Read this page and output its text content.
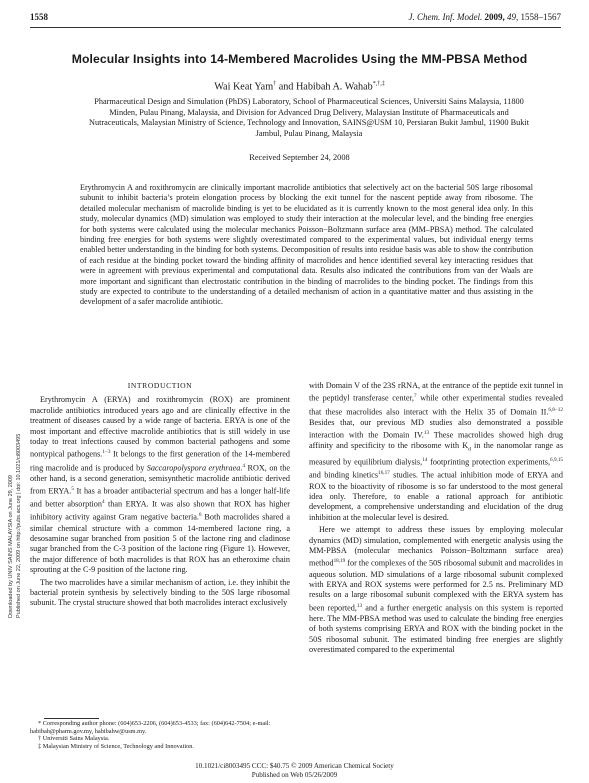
1558	J. Chem. Inf. Model. 2009, 49, 1558–1567
Molecular Insights into 14-Membered Macrolides Using the MM-PBSA Method
Wai Keat Yam† and Habibah A. Wahab*,†,‡
Pharmaceutical Design and Simulation (PhDS) Laboratory, School of Pharmaceutical Sciences, Universiti Sains Malaysia, 11800 Minden, Pulau Pinang, Malaysia, and Division for Advanced Drug Delivery, Malaysian Institute of Pharmaceuticals and Nutraceuticals, Malaysian Ministry of Science, Technology and Innovation, SAINS@USM 10, Persiaran Bukit Jambul, 11900 Bukit Jambul, Pulau Pinang, Malaysia
Received September 24, 2008
Erythromycin A and roxithromycin are clinically important macrolide antibiotics that selectively act on the bacterial 50S large ribosomal subunit to inhibit bacteria’s protein elongation process by blocking the exit tunnel for the nascent peptide away from ribosome. The detailed molecular mechanism of macrolide binding is yet to be elucidated as it is currently known to the most general idea only. In this study, molecular dynamics (MD) simulation was employed to study their interaction at the molecular level, and the binding free energies for both systems were calculated using the molecular mechanics Poisson−Boltzmann surface area (MM–PBSA) method. The calculated binding free energies for both systems were slightly overestimated compared to the experimental values, but individual energy terms enabled better understanding in the binding for both systems. Decomposition of results into residue basis was able to show the contribution of each residue at the binding pocket toward the binding affinity of macrolides and hence identified several key interacting residues that were in agreement with previous experimental and computational data. Results also indicated the contributions from van der Waals are more important and significant than electrostatic contribution in the binding of macrolides to the binding pocket. The findings from this study are expected to contribute to the understanding of a detailed mechanism of action in a quantitative matter and thus assisting in the development of a safer macrolide antibiotic.
Downloaded by UNIV SAINS MALAYSIA on June 29, 2009 Published on June 22, 2009 on http://pubs.acs.org | doi: 10.1021/ci8003495
INTRODUCTION

Erythromycin A (ERYA) and roxithromycin (ROX) are prominent macrolide antibiotics introduced years ago and are clinically effective in the treatment of diseases caused by a wide range of bacteria. ERYA is one of the most important and effective macrolide antibiotics that is still widely in use today to treat infections caused by common bacterial pathogens and some nontypical pathogens.$^{1-3}$ It belongs to the first generation of the 14-membered ring macrolide and is produced by Saccaropolyspora erythraea.$^4$ ROX, on the other hand, is a second generation, semisynthetic macrolide antibiotic derived from ERYA.$^5$ It has a broader antibacterial spectrum and has a longer half-life and better absorption$^4$ than ERYA. It was also shown that ROX has higher inhibitory activity against Gram negative bacteria.$^6$ Both macrolides shared a similar chemical structure with a common 14-membered lactone ring, a desosamine sugar branched from position 5 of the lactone ring and cladinose sugar branched from the C-3 position of the lactone ring (Figure 1). However, the major difference of both macrolides is that ROX has an etheroxime chain sprouting at the C-9 position of the lactone ring.

The two macrolides have a similar mechanism of action, i.e. they inhibit the bacterial protein synthesis by selectively binding to the 50S large ribosomal subunit. The crystal structure showed that both macrolides interact exclusively

with Domain V of the 23S rRNA, at the entrance of the peptide exit tunnel in the peptidyl transferase center,$^7$ while other experimental studies revealed that these macrolides also interact with the Helix 35 of Domain II.$^{6,8-12}$ Besides that, our previous MD studies also demonstrated a possible interaction with the Domain IV.$^{13}$ These macrolides showed high drug affinity and specificity to the ribosome with $K_d$ in the nanomolar range as measured by equilibrium dialysis,$^{14}$ footprinting protection experiments,$^{6,9,15}$ and binding kinetics$^{16,17}$ studies. The actual inhibition mode of ERYA and ROX to the bioactivity of ribosome is so far understood to the most general idea only. Therefore, to enable a rational approach for antibiotic development, a comprehensive understanding and elucidation of the drug inhibition at the molecular level is desired.

Here we attempt to address these issues by employing molecular dynamics (MD) simulation, complemented with energetic analysis using the MM-PBSA (molecular mechanics Poisson−Boltzmann surface area) method$^{18,19}$ for the complexes of the 50S ribosomal subunit and macrolides in aqueous solution. MD simulations of a large ribosomal subunit complexed with ERYA and ROX systems were performed for 2.5 ns. Preliminary MD results on a large ribosomal subunit complexed with the ERYA system has been reported,$^{13}$ and a further energetic analysis on this system is reported here. The MM-PBSA method was used to calculate the binding free energies of both systems comprising ERYA and ROX with the binding pocket in the 50S ribosomal subunit. The estimated binding free energies are slightly overestimated compared to the experimental

* Corresponding author phone: (604)653-2206, (604)653-4533; fax: (604)642-7504; e-mail: habibah@pharm.gov.my, habibahw@usm.my.
† Universiti Sains Malaysia.
‡ Malaysian Ministry of Science, Technology and Innovation.
10.1021/ci8003495 CCC: $40.75 © 2009 American Chemical Society
Published on Web 05/26/2009
